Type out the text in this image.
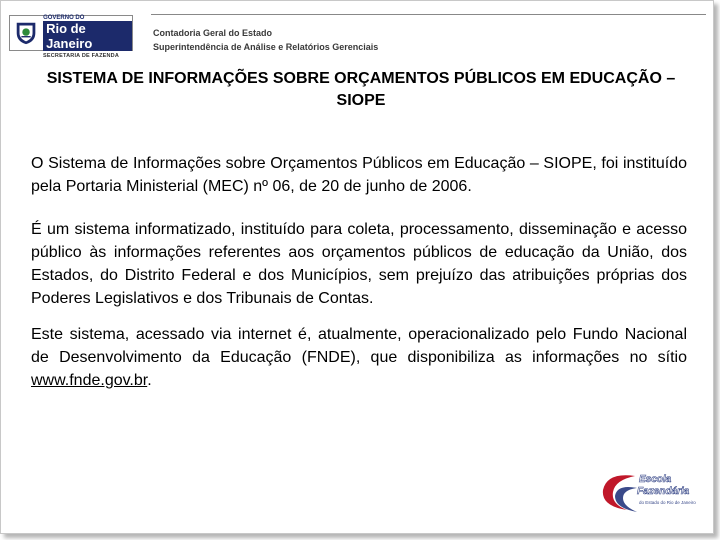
GOVERNO DO
Rio de Janeiro
SECRETARIA DE FAZENDA
Contadoria Geral do Estado
Superintendência de Análise e Relatórios Gerenciais
SISTEMA DE INFORMAÇÕES SOBRE ORÇAMENTOS PÚBLICOS EM EDUCAÇÃO – SIOPE
O Sistema de Informações sobre Orçamentos Públicos em Educação – SIOPE, foi instituído pela Portaria Ministerial (MEC) nº 06, de 20 de junho de 2006.
É um sistema informatizado, instituído para coleta, processamento, disseminação e acesso público às informações referentes aos orçamentos públicos de educação da União, dos Estados, do Distrito Federal e dos Municípios, sem prejuízo das atribuições próprias dos Poderes Legislativos e dos Tribunais de Contas.
Este sistema, acessado via internet é, atualmente, operacionalizado pelo Fundo Nacional de Desenvolvimento da Educação (FNDE), que disponibiliza as informações no sítio www.fnde.gov.br.
Escola
Fazendária
do Estado do Rio de Janeiro
